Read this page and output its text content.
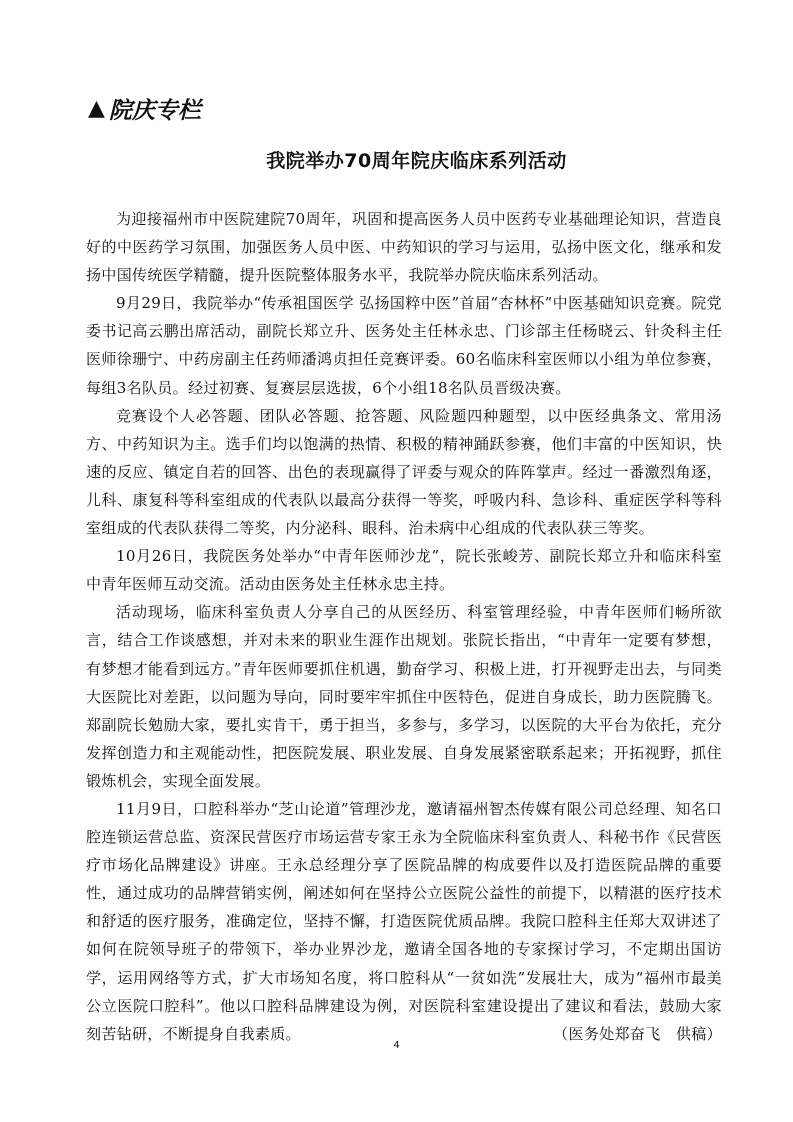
▲ 院庆专栏
我院举办70周年院庆临床系列活动

为迎接福州市中医院建院70周年，巩固和提高医务人员中医药专业基础理论知识，营造良好的中医药学习氛围，加强医务人员中医、中药知识的学习与运用，弘扬中医文化，继承和发扬中国传统医学精髓，提升医院整体服务水平，我院举办院庆临床系列活动。

9月29日，我院举办“传承祖国医学 弘扬国粹中医”首届“杏林杯”中医基础知识竞赛。院党委书记高云鹏出席活动，副院长郑立升、医务处主任林永忠、门诊部主任杨晓云、针灸科主任医师徐珊宁、中药房副主任药师潘鸿贞担任竞赛评委。60名临床科室医师以小组为单位参赛，每组3名队员。经过初赛、复赛层层选拔，6个小组18名队员晋级决赛。

竞赛设个人必答题、团队必答题、抢答题、风险题四种题型，以中医经典条文、常用汤方、中药知识为主。选手们均以饱满的热情、积极的精神踊跃参赛，他们丰富的中医知识，快速的反应、镇定自若的回答、出色的表现赢得了评委与观众的阵阵掌声。经过一番激烈角逐，儿科、康复科等科室组成的代表队以最高分获得一等奖，呼吸内科、急诊科、重症医学科等科室组成的代表队获得二等奖，内分泌科、眼科、治未病中心组成的代表队获三等奖。

10月26日，我院医务处举办“中青年医师沙龙”，院长张峻芳、副院长郑立升和临床科室中青年医师互动交流。活动由医务处主任林永忠主持。

活动现场，临床科室负责人分享自己的从医经历、科室管理经验，中青年医师们畅所欲言，结合工作谈感想，并对未来的职业生涯作出规划。张院长指出，“中青年一定要有梦想，有梦想才能看到远方。”青年医师要抓住机遇，勤奋学习、积极上进，打开视野走出去，与同类大医院比对差距，以问题为导向，同时要牢牢抓住中医特色，促进自身成长，助力医院腾飞。郑副院长勉励大家，要扎实肯干，勇于担当，多参与，多学习，以医院的大平台为依托，充分发挥创造力和主观能动性，把医院发展、职业发展、自身发展紧密联系起来；开拓视野，抓住锻炼机会，实现全面发展。

11月9日，口腔科举办“芝山论道”管理沙龙，邀请福州智杰传媒有限公司总经理、知名口腔连锁运营总监、资深民营医疗市场运营专家王永为全院临床科室负责人、科秘书作《民营医疗市场化品牌建设》讲座。王永总经理分享了医院品牌的构成要件以及打造医院品牌的重要性，通过成功的品牌营销实例，阐述如何在坚持公立医院公益性的前提下，以精湛的医疗技术和舒适的医疗服务，准确定位，坚持不懈，打造医院优质品牌。我院口腔科主任郑大双讲述了如何在院领导班子的带领下，举办业界沙龙，邀请全国各地的专家探讨学习，不定期出国访学，运用网络等方式，扩大市场知名度，将口腔科从“一贫如洗”发展壮大，成为“福州市最美公立医院口腔科”。他以口腔科品牌建设为例，对医院科室建设提出了建议和看法，鼓励大家刻苦钻研，不断提身自我素质。	（医务处郑奋飞　供稿）

4
